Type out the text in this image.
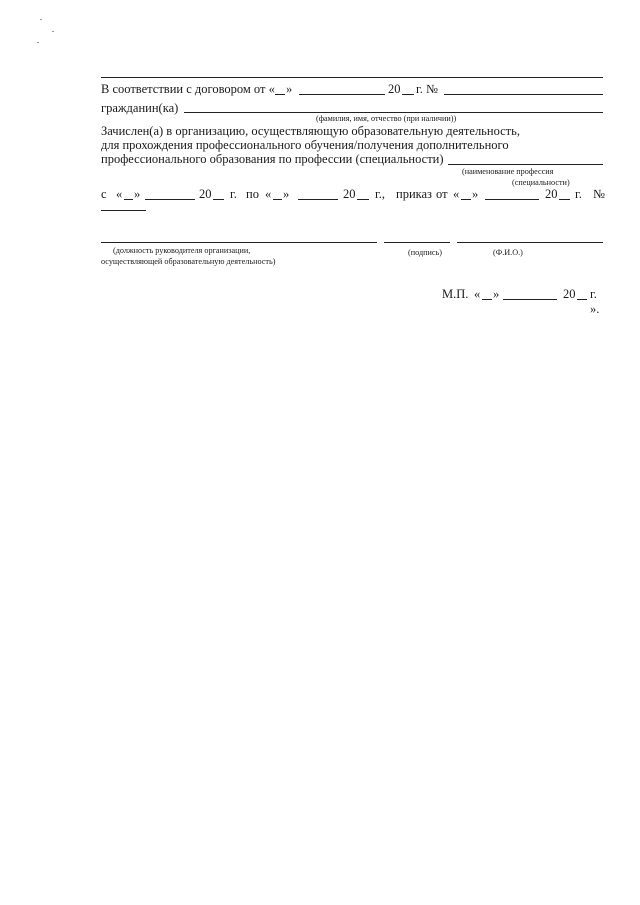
В соответствии с договором от « »	20 г. №
гражданин(ка)
(фамилия, имя, отчество (при наличии))
Зачислен(а) в организацию, осуществляющую образовательную деятельность,
для прохождения профессионального обучения/получения дополнительного
профессионального образования по профессии (специальности)
(наименование профессия
(специальности)
с « »	20 г. по « »	20 г., приказ от « »	20 г. №
(должность руководителя организации,
осуществляющей образовательную деятельность)
(подпись)	(Ф.И.О.)
М.П. « »	20 г.
».
